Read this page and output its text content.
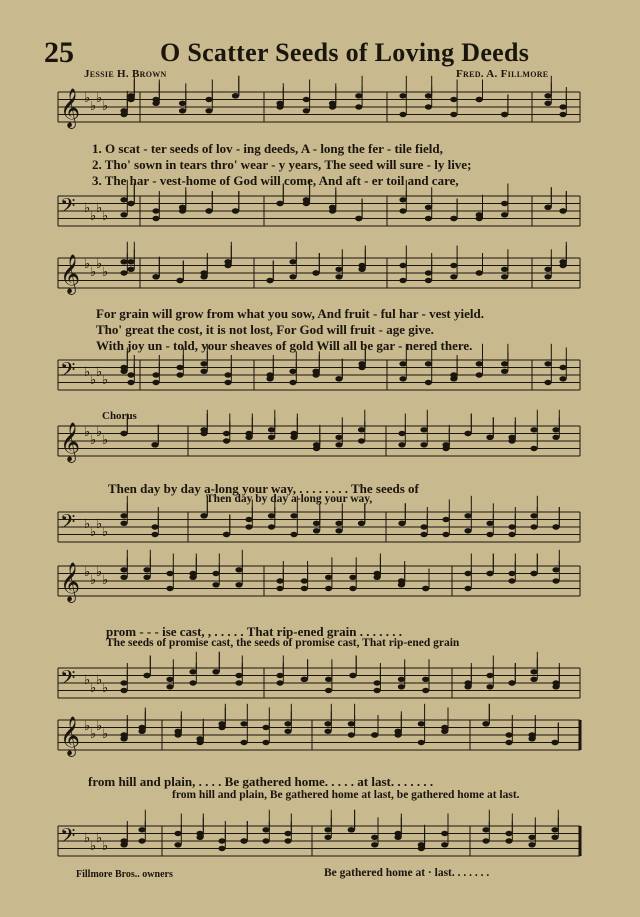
25	O Scatter Seeds of Loving Deeds
Jessie H. Brown	Fred. A. Fillmore
𝄞 ♭
♭
♭
♭
𝄢 ♭
♭
♭
♭
𝄞 ♭
♭
♭
♭
𝄢 ♭
♭
♭
♭
𝄞 ♭
♭
♭
♭
𝄢 ♭
♭
♭
♭
𝄞 ♭
♭
♭
♭
𝄢 ♭
♭
♭
♭
𝄞 ♭
♭
♭
♭
𝄢 ♭
♭
♭
♭
1. O scat - ter seeds of lov - ing deeds, A - long the fer - tile field,
2. Tho' sown in tears thro' wear - y years, The seed will sure - ly live;
3. The har - vest-home of God will come, And aft - er toil and care,
For grain will grow from what you sow, And fruit - ful har - vest yield.
Tho' great the cost, it is not lost, For God will fruit - age give.
With joy un - told, your sheaves of gold Will all be gar - nered there.
Chorus
Then day by day a-long your way, . . . . . . . . The seeds of
Then day by day a-long your way,
prom - - - ise cast, , . . . . . That rip-ened grain . . . . . . .
The seeds of promise cast, the seeds of promise cast, That rip-ened grain
from hill and plain, . . . . Be gathered home. . . . . at last. . . . . . .
from hill and plain, Be gathered home at last, be gathered home at last.
Be gathered home at · last. . . . . . .
Fillmore Bros.. owners
